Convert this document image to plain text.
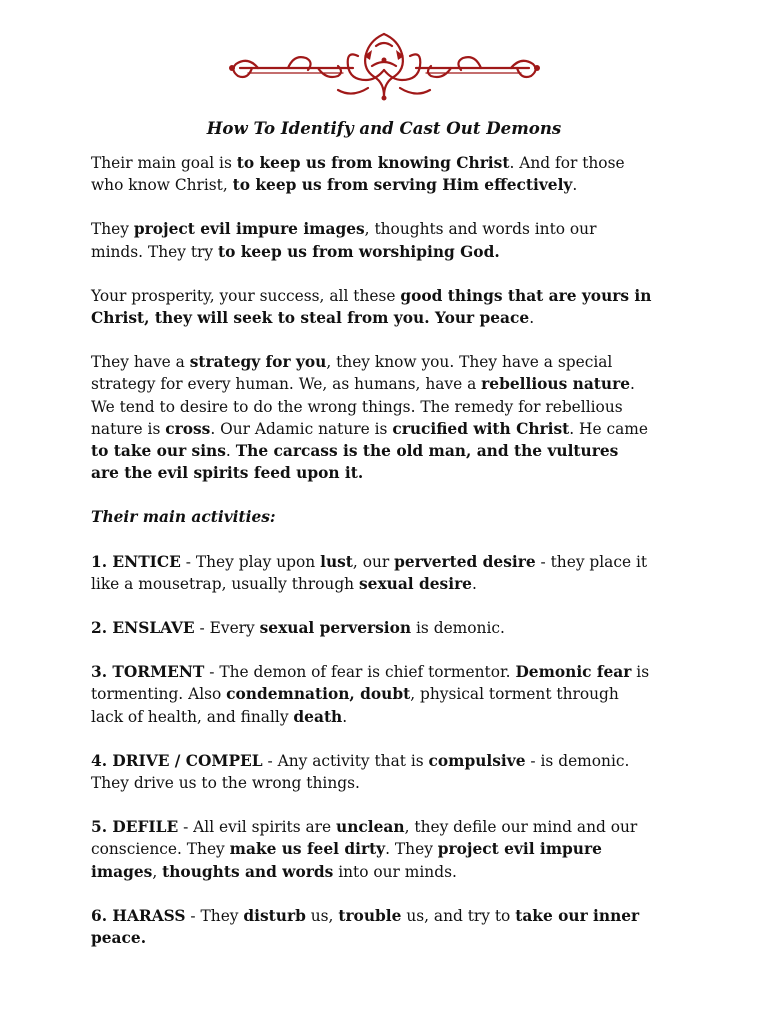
How To Identify and Cast Out Demons

Their main goal is to keep us from knowing Christ. And for those
who know Christ, to keep us from serving Him effectively.

They project evil impure images, thoughts and words into our
minds. They try to keep us from worshiping God.

Your prosperity, your success, all these good things that are yours in
Christ, they will seek to steal from you. Your peace.

They have a strategy for you, they know you. They have a special
strategy for every human. We, as humans, have a rebellious nature.
We tend to desire to do the wrong things. The remedy for rebellious
nature is cross. Our Adamic nature is crucified with Christ. He came
to take our sins. The carcass is the old man, and the vultures
are the evil spirits feed upon it.

Their main activities:

1. ENTICE - They play upon lust, our perverted desire - they place it
like a mousetrap, usually through sexual desire.

2. ENSLAVE - Every sexual perversion is demonic.

3. TORMENT - The demon of fear is chief tormentor. Demonic fear is
tormenting. Also condemnation, doubt, physical torment through
lack of health, and finally death.

4. DRIVE / COMPEL - Any activity that is compulsive - is demonic.
They drive us to the wrong things.

5. DEFILE - All evil spirits are unclean, they defile our mind and our
conscience. They make us feel dirty. They project evil impure
images, thoughts and words into our minds.

6. HARASS - They disturb us, trouble us, and try to take our inner
peace.
